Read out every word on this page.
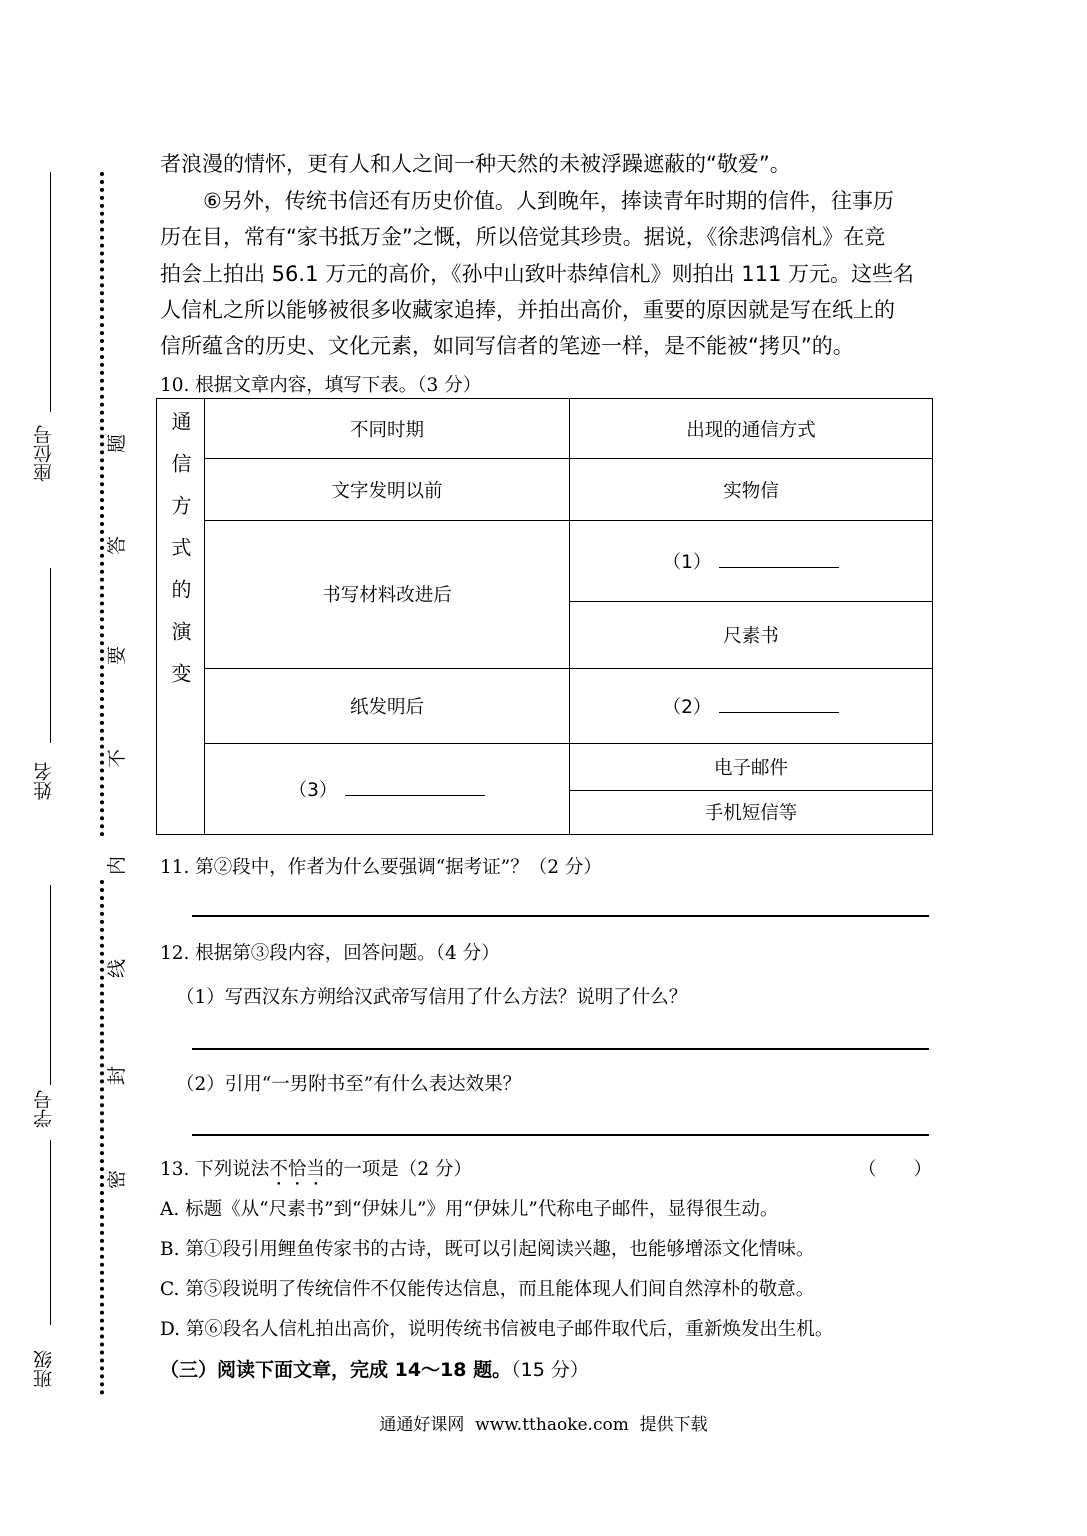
座位号
姓名
学号
班级
题
答
要
不
内
线
封
密
者浪漫的情怀，更有人和人之间一种天然的未被浮躁遮蔽的“敬爱”。
⑥另外，传统书信还有历史价值。人到晚年，捧读青年时期的信件，往事历
历在目，常有“家书抵万金”之慨，所以倍觉其珍贵。据说，《徐悲鸿信札》在竞
拍会上拍出 56.1 万元的高价，《孙中山致叶恭绰信札》则拍出 111 万元。这些名
人信札之所以能够被很多收藏家追捧，并拍出高价，重要的原因就是写在纸上的
信所蕴含的历史、文化元素，如同写信者的笔迹一样，是不能被“拷贝”的。
10. 根据文章内容，填写下表。（3 分）
通信方式的演变	不同时期	出现的通信方式
	文字发明以前	实物信
	书写材料改进后	（1）
		尺素书
	纸发明后	（2）
	（3）	电子邮件
		手机短信等
11. 第②段中，作者为什么要强调“据考证”？（2 分）
12. 根据第③段内容，回答问题。（4 分）
（1）写西汉东方朔给汉武帝写信用了什么方法？说明了什么？
（2）引用“一男附书至”有什么表达效果？
13. 下列说法不恰当的一项是（2 分）	（　　）
A. 标题《从“尺素书”到“伊妹儿”》用“伊妹儿”代称电子邮件，显得很生动。
B. 第①段引用鲤鱼传家书的古诗，既可以引起阅读兴趣，也能够增添文化情味。
C. 第⑤段说明了传统信件不仅能传达信息，而且能体现人们间自然淳朴的敬意。
D. 第⑥段名人信札拍出高价，说明传统书信被电子邮件取代后，重新焕发出生机。
（三）阅读下面文章，完成 14～18 题。（15 分）
通通好课网  www.tthaoke.com  提供下载
